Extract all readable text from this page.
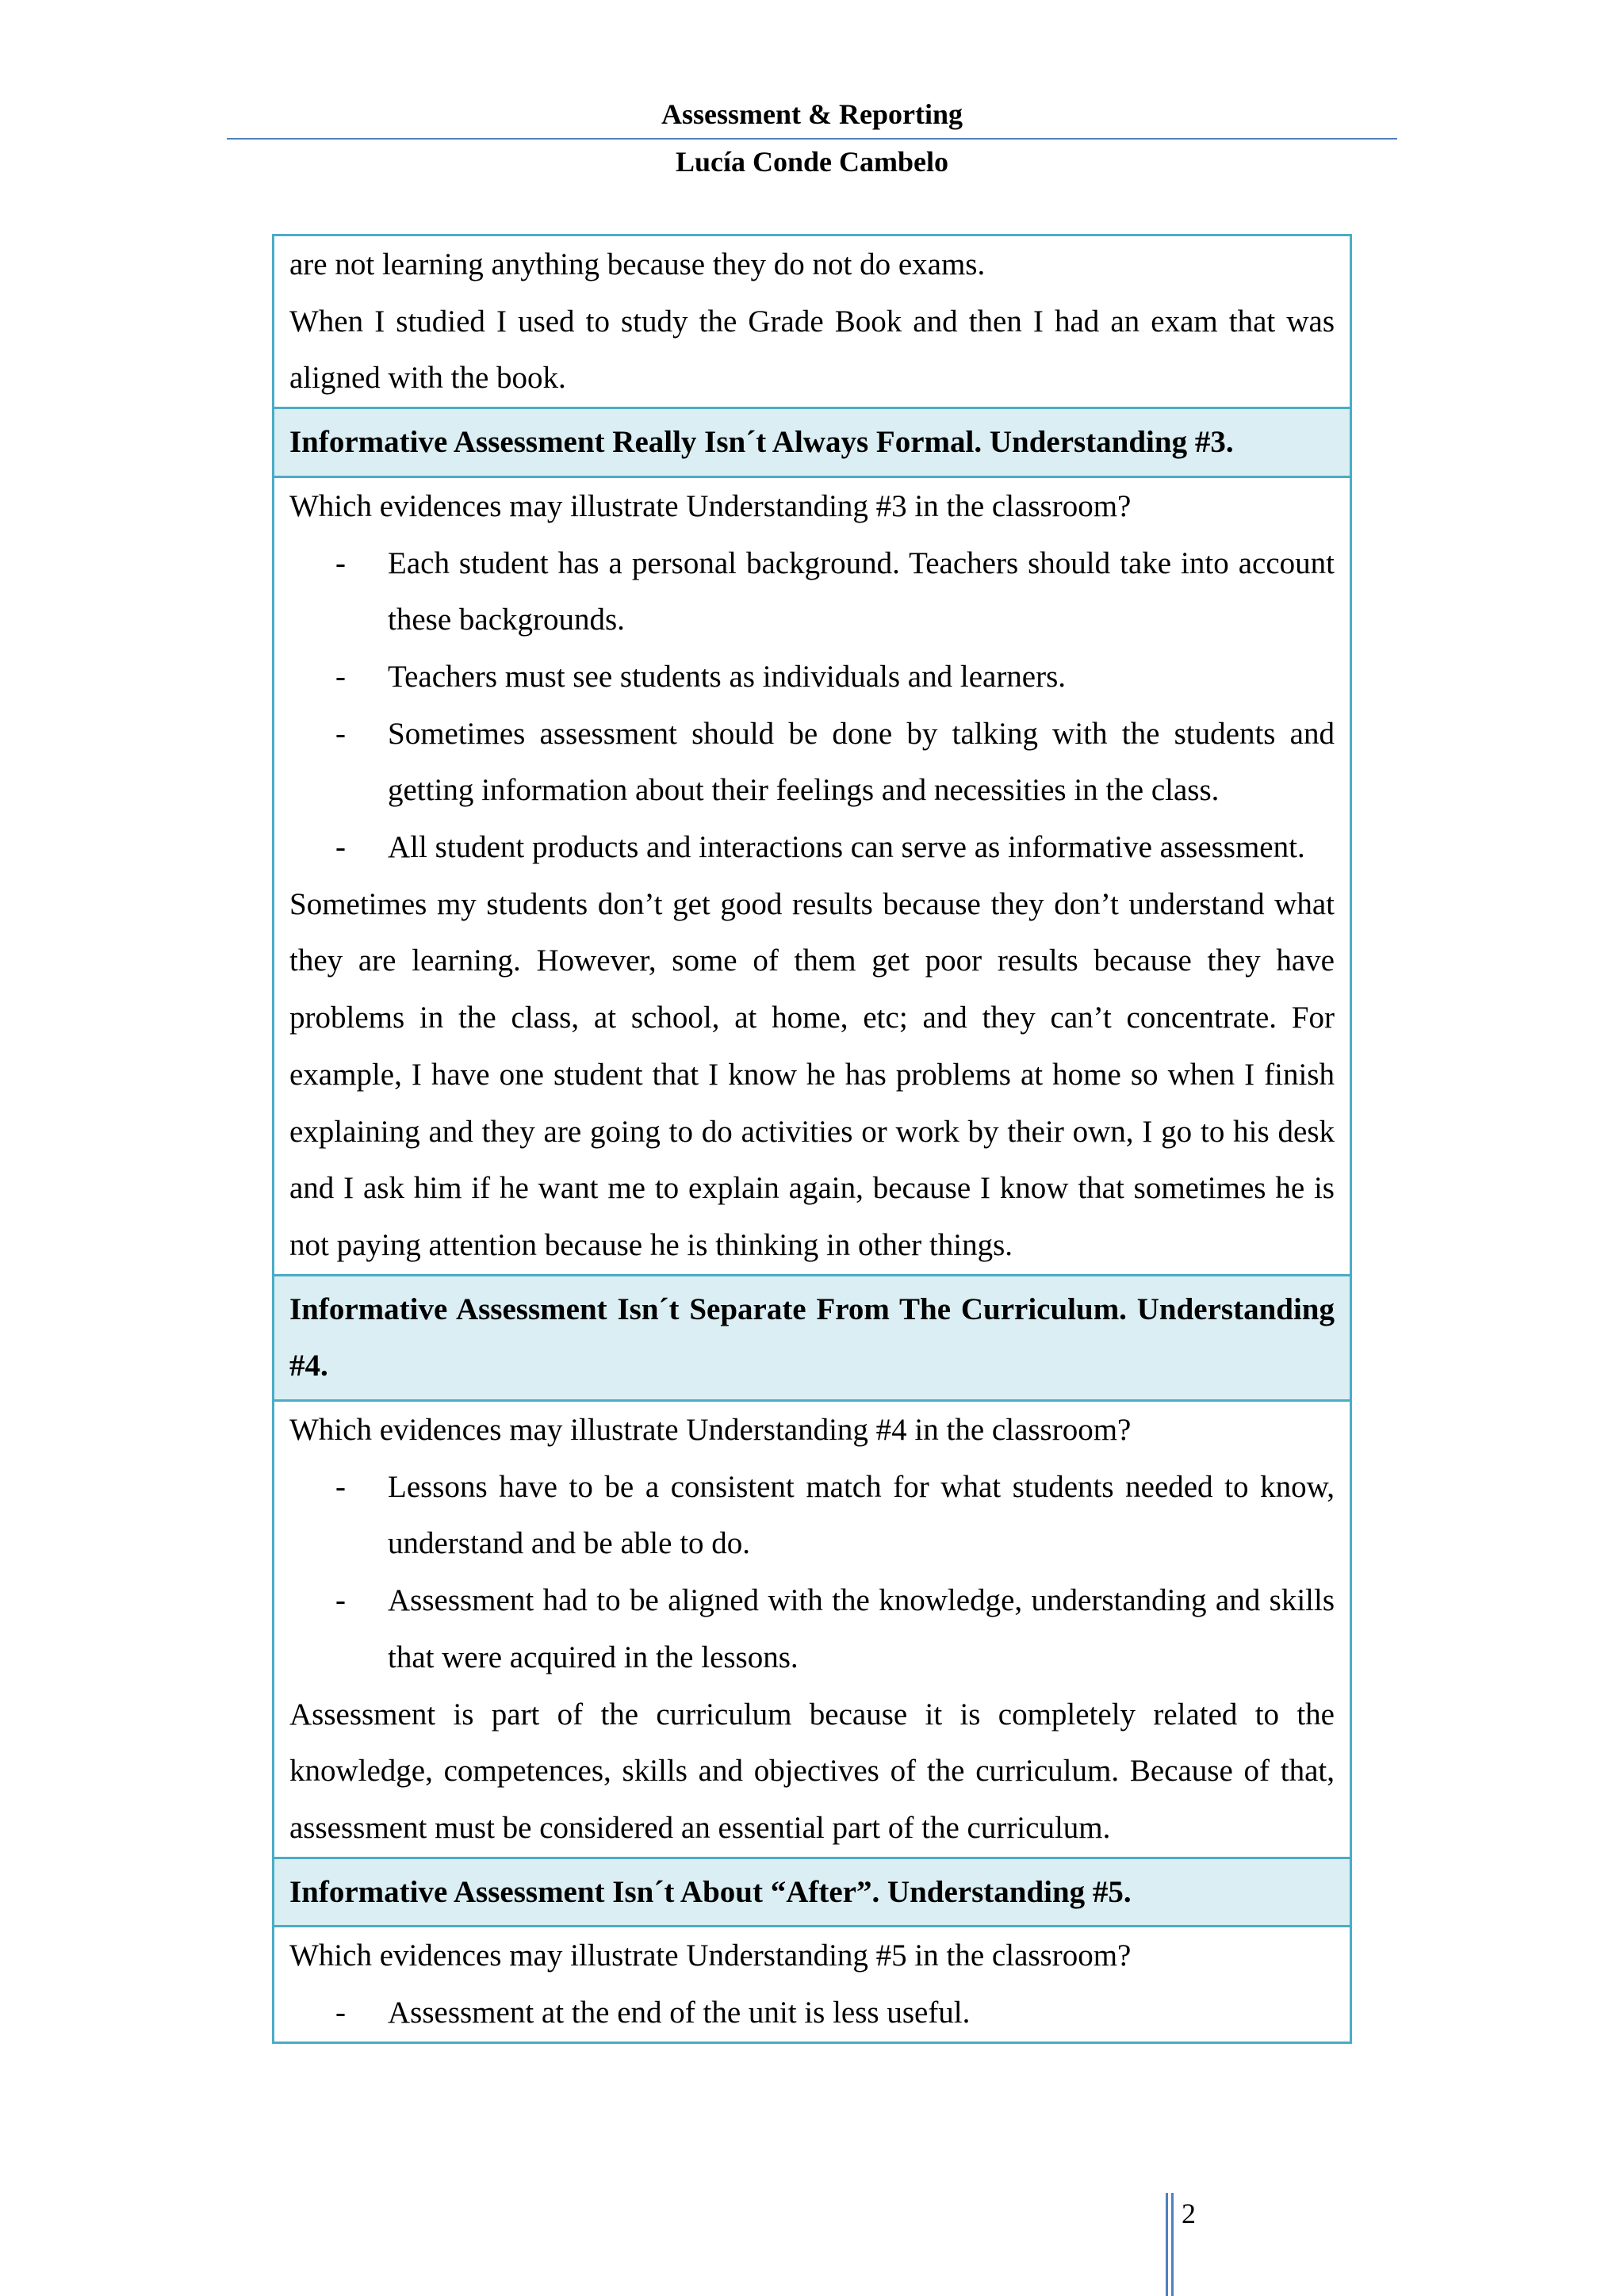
Assessment & Reporting
Lucía Conde Cambelo

are not learning anything because they do not do exams.

When I studied I used to study the Grade Book and then I had an exam that was aligned with the book.

Informative Assessment Really Isn´t Always Formal. Understanding #3.

Which evidences may illustrate Understanding #3 in the classroom?

- Each student has a personal background. Teachers should take into account these backgrounds.

- Teachers must see students as individuals and learners.

- Sometimes assessment should be done by talking with the students and getting information about their feelings and necessities in the class.

- All student products and interactions can serve as informative assessment.

Sometimes my students don’t get good results because they don’t understand what they are learning. However, some of them get poor results because they have problems in the class, at school, at home, etc; and they can’t concentrate. For example, I have one student that I know he has problems at home so when I finish explaining and they are going to do activities or work by their own, I go to his desk and I ask him if he want me to explain again, because I know that sometimes he is not paying attention because he is thinking in other things.

Informative Assessment Isn´t Separate From The Curriculum. Understanding #4.

Which evidences may illustrate Understanding #4 in the classroom?

- Lessons have to be a consistent match for what students needed to know, understand and be able to do.

- Assessment had to be aligned with the knowledge, understanding and skills that were acquired in the lessons.

Assessment is part of the curriculum because it is completely related to the knowledge, competences, skills and objectives of the curriculum. Because of that, assessment must be considered an essential part of the curriculum.

Informative Assessment Isn´t About “After”. Understanding #5.

Which evidences may illustrate Understanding #5 in the classroom?

- Assessment at the end of the unit is less useful.

2
